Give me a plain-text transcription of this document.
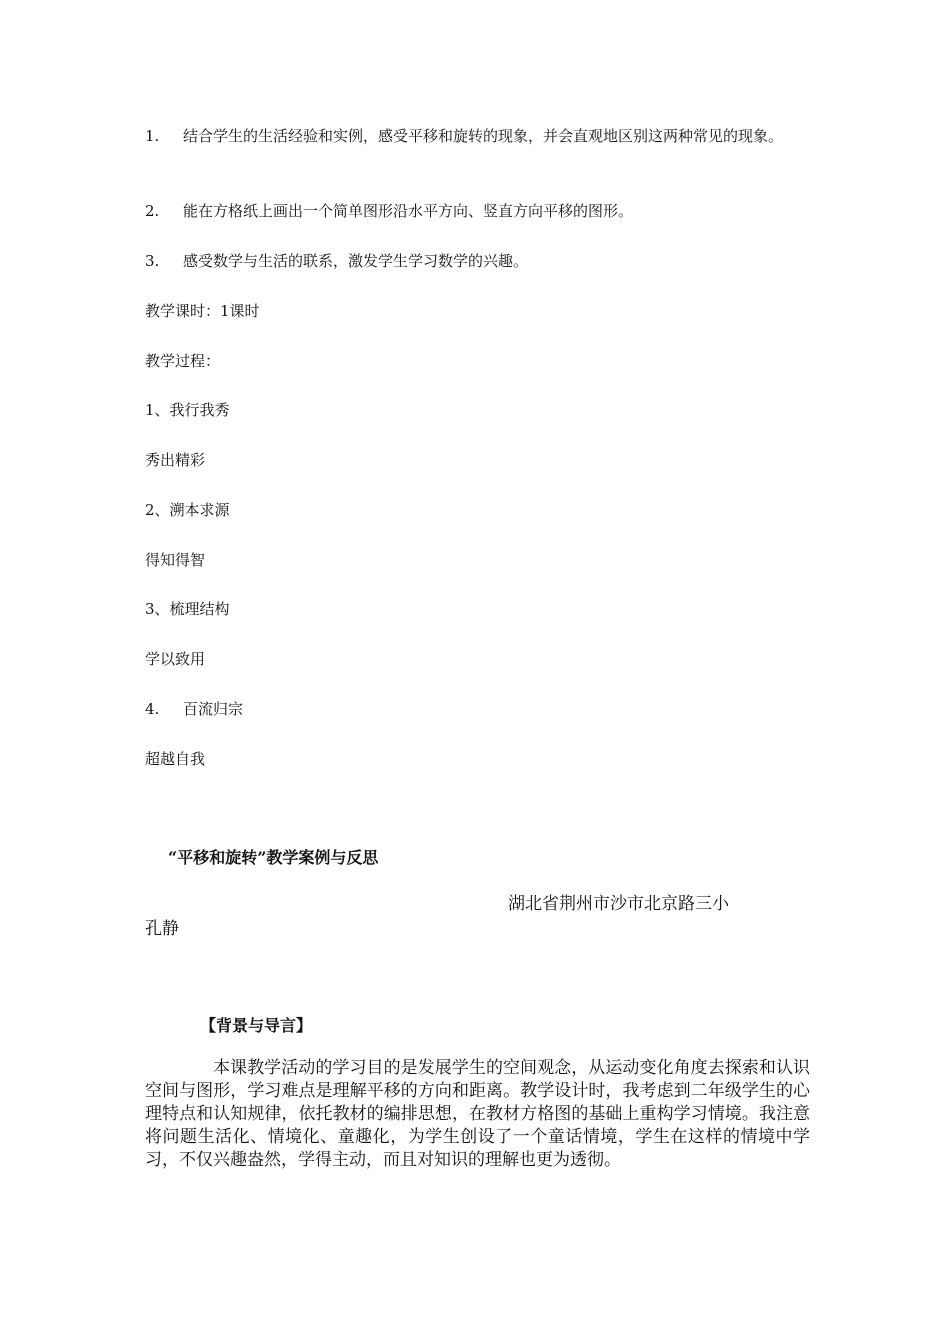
1. 结合学生的生活经验和实例，感受平移和旋转的现象，并会直观地区别这两种常见的现象。
2. 能在方格纸上画出一个简单图形沿水平方向、竖直方向平移的图形。
3. 感受数学与生活的联系，激发学生学习数学的兴趣。
教学课时：1课时
教学过程：
1、我行我秀
秀出精彩
2、溯本求源
得知得智
3、梳理结构
学以致用
4. 百流归宗
超越自我
“平移和旋转”教学案例与反思
湖北省荆州市沙市北京路三小
孔静
【背景与导言】
本课教学活动的学习目的是发展学生的空间观念，从运动变化角度去探索和认识空间与图形，学习难点是理解平移的方向和距离。教学设计时，我考虑到二年级学生的心理特点和认知规律，依托教材的编排思想，在教材方格图的基础上重构学习情境。我注意将问题生活化、情境化、童趣化，为学生创设了一个童话情境，学生在这样的情境中学习，不仅兴趣盎然，学得主动，而且对知识的理解也更为透彻。
